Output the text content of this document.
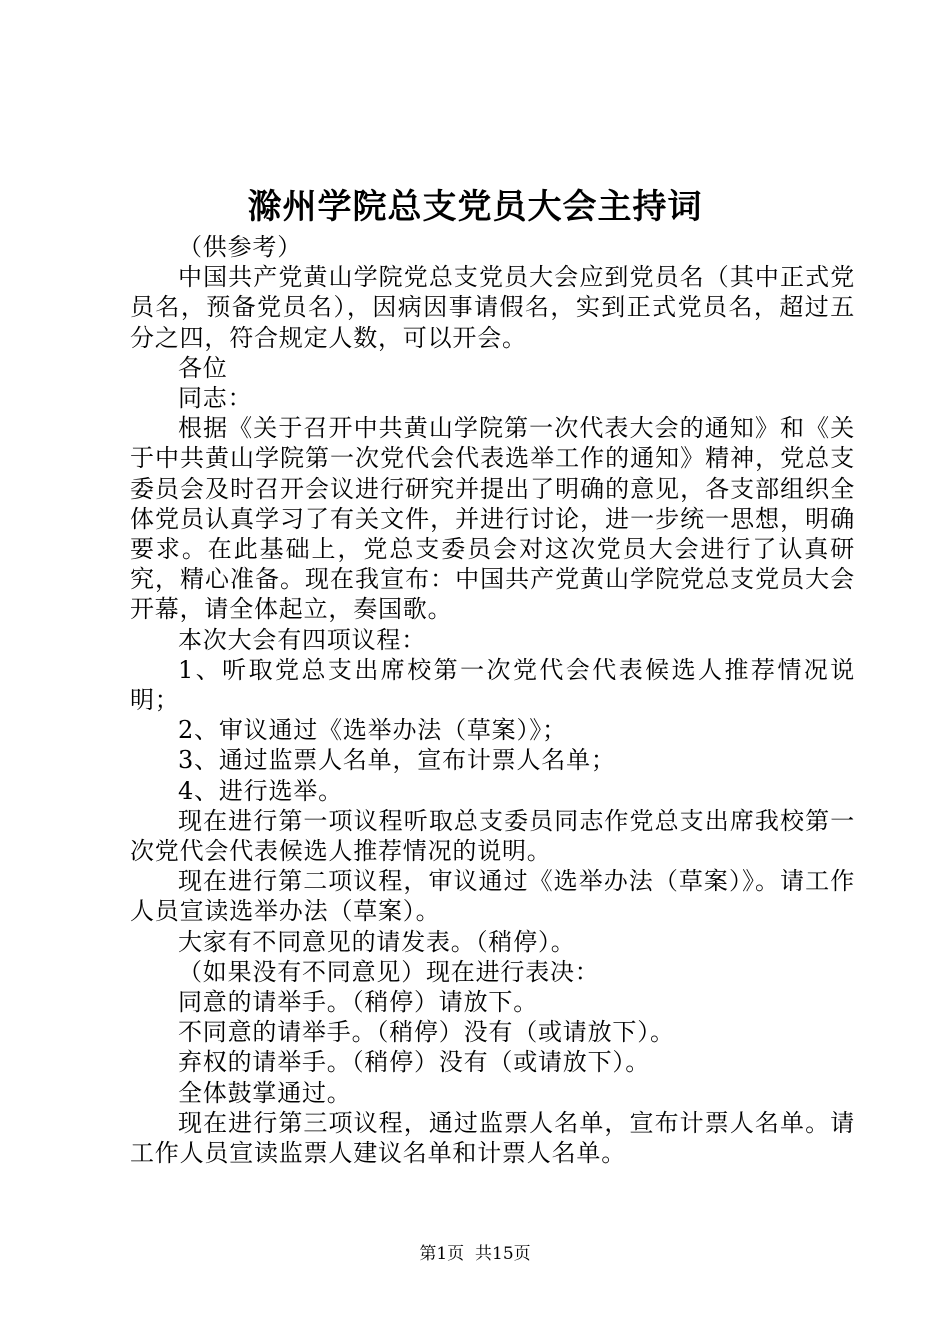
滁州学院总支党员大会主持词

（供参考）

中国共产党黄山学院党总支党员大会应到党员名（其中正式党员名，预备党员名），因病因事请假名，实到正式党员名，超过五分之四，符合规定人数，可以开会。

各位

同志：

根据《关于召开中共黄山学院第一次代表大会的通知》和《关于中共黄山学院第一次党代会代表选举工作的通知》精神，党总支委员会及时召开会议进行研究并提出了明确的意见，各支部组织全体党员认真学习了有关文件，并进行讨论，进一步统一思想，明确要求。在此基础上，党总支委员会对这次党员大会进行了认真研究，精心准备。现在我宣布：中国共产党黄山学院党总支党员大会开幕，请全体起立，奏国歌。

本次大会有四项议程：

1、听取党总支出席校第一次党代会代表候选人推荐情况说明；

2、审议通过《选举办法（草案）》；

3、通过监票人名单，宣布计票人名单；

4、进行选举。

现在进行第一项议程听取总支委员同志作党总支出席我校第一次党代会代表候选人推荐情况的说明。

现在进行第二项议程，审议通过《选举办法（草案）》。请工作人员宣读选举办法（草案）。

大家有不同意见的请发表。（稍停）。

（如果没有不同意见）现在进行表决：

同意的请举手。（稍停）请放下。

不同意的请举手。（稍停）没有（或请放下）。

弃权的请举手。（稍停）没有（或请放下）。

全体鼓掌通过。

现在进行第三项议程，通过监票人名单，宣布计票人名单。请工作人员宣读监票人建议名单和计票人名单。

第1页 共15页
